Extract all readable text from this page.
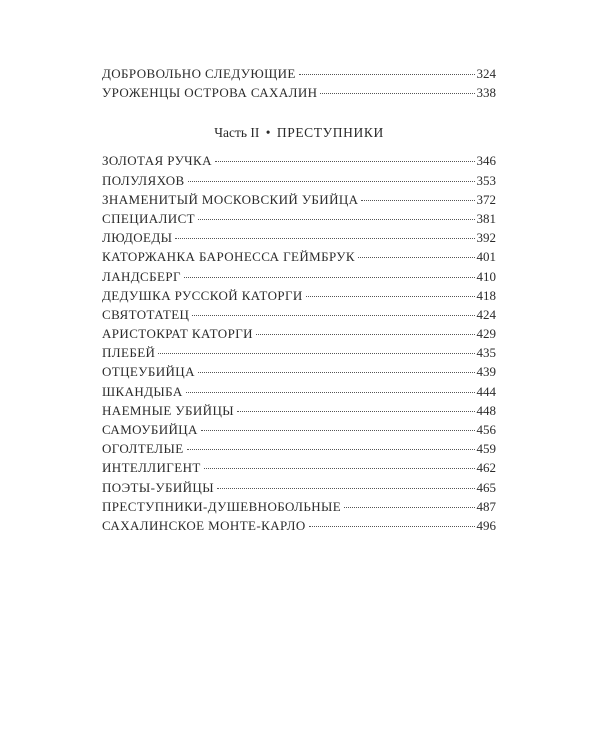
ДОБРОВОЛЬНО СЛЕДУЮЩИЕ	324
УРОЖЕНЦЫ ОСТРОВА САХАЛИН	338
Часть II • ПРЕСТУПНИКИ
ЗОЛОТАЯ РУЧКА	346
ПОЛУЛЯХОВ	353
ЗНАМЕНИТЫЙ МОСКОВСКИЙ УБИЙЦА	372
СПЕЦИАЛИСТ	381
ЛЮДОЕДЫ	392
КАТОРЖАНКА БАРОНЕССА ГЕЙМБРУК	401
ЛАНДСБЕРГ	410
ДЕДУШКА РУССКОЙ КАТОРГИ	418
СВЯТОТАТЕЦ	424
АРИСТОКРАТ КАТОРГИ	429
ПЛЕБЕЙ	435
ОТЦЕУБИЙЦА	439
ШКАНДЫБА	444
НАЕМНЫЕ УБИЙЦЫ	448
САМОУБИЙЦА	456
ОГОЛТЕЛЫЕ	459
ИНТЕЛЛИГЕНТ	462
ПОЭТЫ-УБИЙЦЫ	465
ПРЕСТУПНИКИ-ДУШЕВНОБОЛЬНЫЕ	487
САХАЛИНСКОЕ МОНТЕ-КАРЛО	496
